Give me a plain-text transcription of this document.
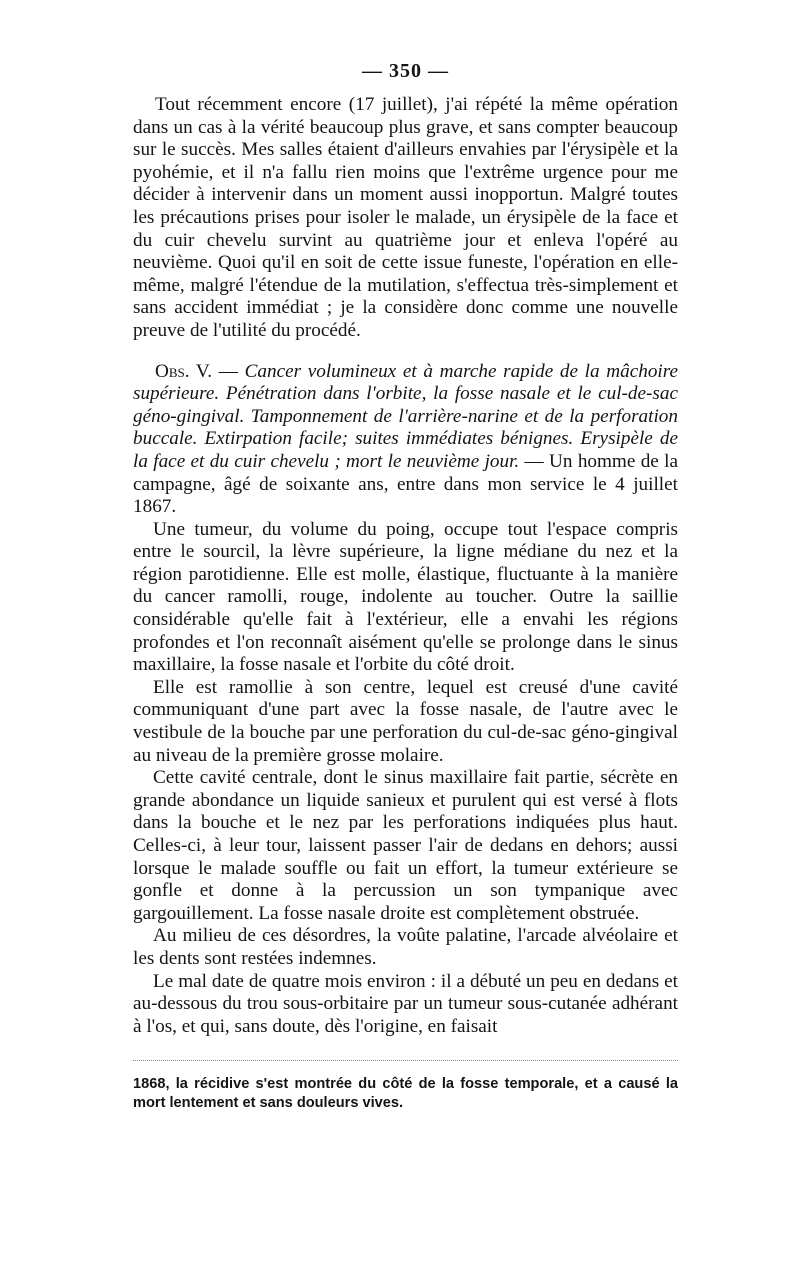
— 350 —

Tout récemment encore (17 juillet), j'ai répété la même opération dans un cas à la vérité beaucoup plus grave, et sans compter beaucoup sur le succès. Mes salles étaient d'ailleurs envahies par l'érysipèle et la pyohémie, et il n'a fallu rien moins que l'extrême urgence pour me décider à intervenir dans un moment aussi inopportun. Malgré toutes les précautions prises pour isoler le malade, un érysipèle de la face et du cuir chevelu survint au quatrième jour et enleva l'opéré au neuvième. Quoi qu'il en soit de cette issue funeste, l'opération en elle-même, malgré l'étendue de la mutilation, s'effectua très-simplement et sans accident immédiat ; je la considère donc comme une nouvelle preuve de l'utilité du procédé.

Obs. V. — Cancer volumineux et à marche rapide de la mâchoire supérieure. Pénétration dans l'orbite, la fosse nasale et le cul-de-sac géno-gingival. Tamponnement de l'arrière-narine et de la perforation buccale. Extirpation facile; suites immédiates bénignes. Erysipèle de la face et du cuir chevelu ; mort le neuvième jour. — Un homme de la campagne, âgé de soixante ans, entre dans mon service le 4 juillet 1867.

Une tumeur, du volume du poing, occupe tout l'espace compris entre le sourcil, la lèvre supérieure, la ligne médiane du nez et la région parotidienne. Elle est molle, élastique, fluctuante à la manière du cancer ramolli, rouge, indolente au toucher. Outre la saillie considérable qu'elle fait à l'extérieur, elle a envahi les régions profondes et l'on reconnaît aisément qu'elle se prolonge dans le sinus maxillaire, la fosse nasale et l'orbite du côté droit.

Elle est ramollie à son centre, lequel est creusé d'une cavité communiquant d'une part avec la fosse nasale, de l'autre avec le vestibule de la bouche par une perforation du cul-de-sac géno-gingival au niveau de la première grosse molaire.

Cette cavité centrale, dont le sinus maxillaire fait partie, sécrète en grande abondance un liquide sanieux et purulent qui est versé à flots dans la bouche et le nez par les perforations indiquées plus haut. Celles-ci, à leur tour, laissent passer l'air de dedans en dehors; aussi lorsque le malade souffle ou fait un effort, la tumeur extérieure se gonfle et donne à la percussion un son tympanique avec gargouillement. La fosse nasale droite est complètement obstruée.

Au milieu de ces désordres, la voûte palatine, l'arcade alvéolaire et les dents sont restées indemnes.

Le mal date de quatre mois environ : il a débuté un peu en dedans et au-dessous du trou sous-orbitaire par un tumeur sous-cutanée adhérant à l'os, et qui, sans doute, dès l'origine, en faisait

1868, la récidive s'est montrée du côté de la fosse temporale, et a causé la mort lentement et sans douleurs vives.
